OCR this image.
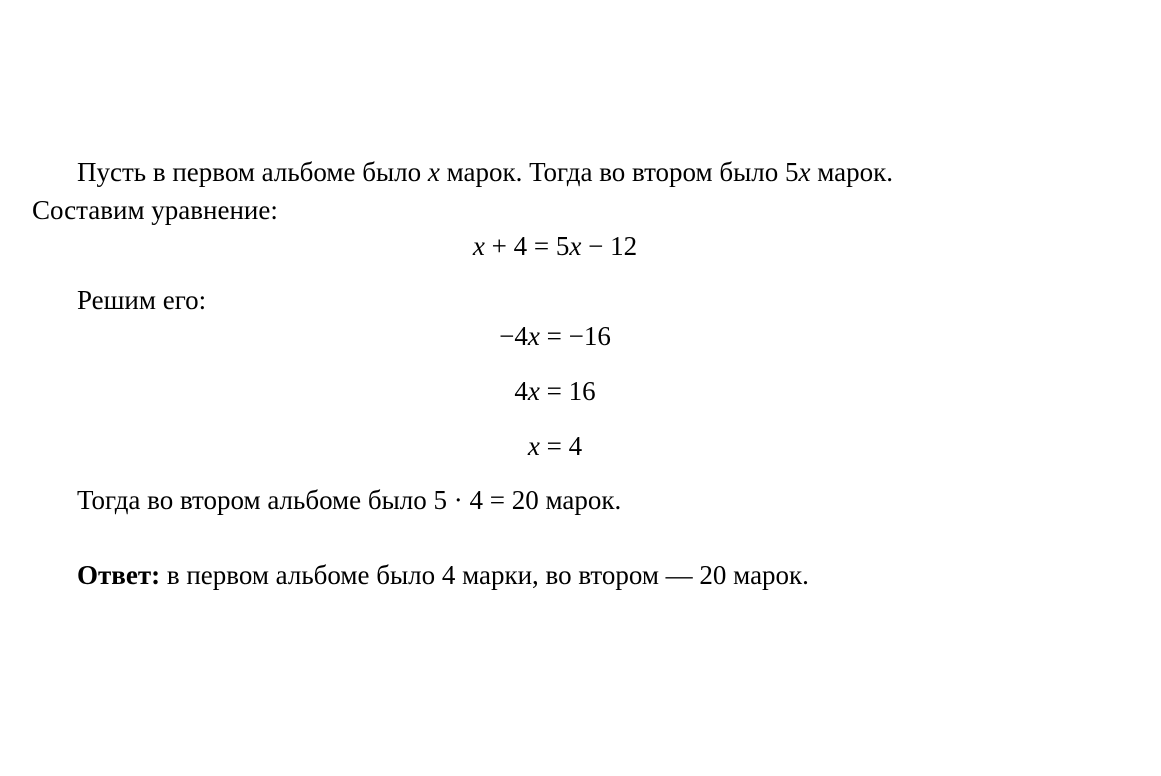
Пусть в первом альбоме было x марок. Тогда во втором было 5x марок.
Составим уравнение:
x + 4 = 5x − 12
Решим его:
−4x = −16
4x = 16
x = 4
Тогда во втором альбоме было 5 · 4 = 20 марок.
Ответ: в первом альбоме было 4 марки, во втором — 20 марок.
